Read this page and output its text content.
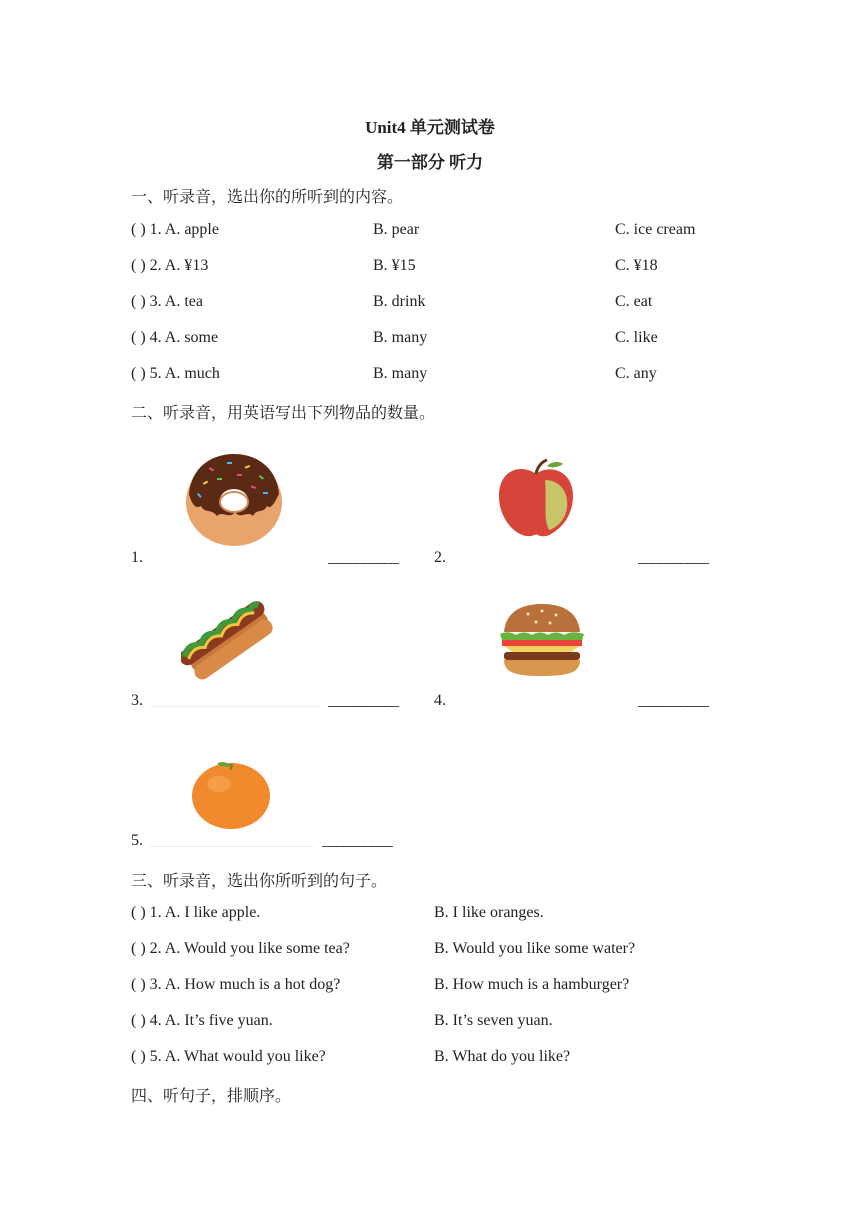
Unit4 单元测试卷
第一部分 听力
一、听录音，选出你的所听到的内容。
( ) 1. A. apple	B. pear	C. ice cream
( ) 2. A. ¥13	B. ¥15	C. ¥18
( ) 3. A. tea	B. drink	C. eat
( ) 4. A. some	B. many	C. like
( ) 5. A. much	B. many	C. any
二、听录音，用英语写出下列物品的数量。
1.	__________ 2.	__________
3.	__________ 4.	__________
5.	__________
三、听录音，选出你所听到的句子。
( ) 1. A. I like apple.	B. I like oranges.
( ) 2. A. Would you like some tea?	B. Would you like some water?
( ) 3. A. How much is a hot dog?	B. How much is a hamburger?
( ) 4. A. It’s five yuan.	B. It’s seven yuan.
( ) 5. A. What would you like?	B. What do you like?
四、听句子，排顺序。
